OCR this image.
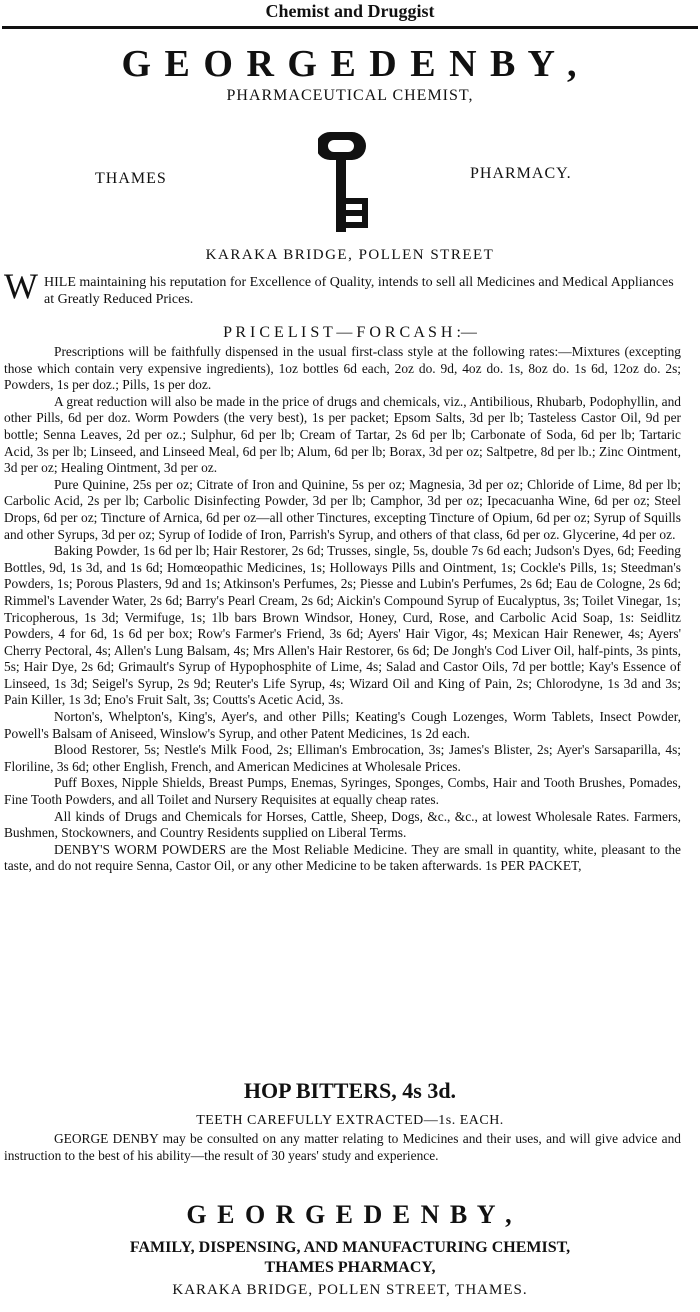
Chemist and Druggist
G E O R G E D E N B Y ,
PHARMACEUTICAL CHEMIST,
THAMES	PHARMACY.
KARAKA BRIDGE, POLLEN STREET
W HILE maintaining his reputation for Excellence of Quality, intends to sell all Medicines and Medical Appliances at Greatly Reduced Prices.
P R I C E L I S T — F O R C A S H :—

Prescriptions will be faithfully dispensed in the usual first-class style at the following rates:—Mixtures (excepting those which contain very expensive ingredients), 1oz bottles 6d each, 2oz do. 9d, 4oz do. 1s, 8oz do. 1s 6d, 12oz do. 2s; Powders, 1s per doz.; Pills, 1s per doz.

A great reduction will also be made in the price of drugs and chemicals, viz., Antibilious, Rhubarb, Podophyllin, and other Pills, 6d per doz. Worm Powders (the very best), 1s per packet; Epsom Salts, 3d per lb; Tasteless Castor Oil, 9d per bottle; Senna Leaves, 2d per oz.; Sulphur, 6d per lb; Cream of Tartar, 2s 6d per lb; Carbonate of Soda, 6d per lb; Tartaric Acid, 3s per lb; Linseed, and Linseed Meal, 6d per lb; Alum, 6d per lb; Borax, 3d per oz; Saltpetre, 8d per lb.; Zinc Ointment, 3d per oz; Healing Ointment, 3d per oz.

Pure Quinine, 25s per oz; Citrate of Iron and Quinine, 5s per oz; Magnesia, 3d per oz; Chloride of Lime, 8d per lb; Carbolic Acid, 2s per lb; Carbolic Disinfecting Powder, 3d per lb; Camphor, 3d per oz; Ipecacuanha Wine, 6d per oz; Steel Drops, 6d per oz; Tincture of Arnica, 6d per oz—all other Tinctures, excepting Tincture of Opium, 6d per oz; Syrup of Squills and other Syrups, 3d per oz; Syrup of Iodide of Iron, Parrish's Syrup, and others of that class, 6d per oz. Glycerine, 4d per oz.

Baking Powder, 1s 6d per lb; Hair Restorer, 2s 6d; Trusses, single, 5s, double 7s 6d each; Judson's Dyes, 6d; Feeding Bottles, 9d, 1s 3d, and 1s 6d; Homœopathic Medicines, 1s; Holloways Pills and Ointment, 1s; Cockle's Pills, 1s; Steedman's Powders, 1s; Porous Plasters, 9d and 1s; Atkinson's Perfumes, 2s; Piesse and Lubin's Perfumes, 2s 6d; Eau de Cologne, 2s 6d; Rimmel's Lavender Water, 2s 6d; Barry's Pearl Cream, 2s 6d; Aickin's Compound Syrup of Eucalyptus, 3s; Toilet Vinegar, 1s; Tricopherous, 1s 3d; Vermifuge, 1s; 1lb bars Brown Windsor, Honey, Curd, Rose, and Carbolic Acid Soap, 1s: Seidlitz Powders, 4 for 6d, 1s 6d per box; Row's Farmer's Friend, 3s 6d; Ayers' Hair Vigor, 4s; Mexican Hair Renewer, 4s; Ayers' Cherry Pectoral, 4s; Allen's Lung Balsam, 4s; Mrs Allen's Hair Restorer, 6s 6d; De Jongh's Cod Liver Oil, half-pints, 3s pints, 5s; Hair Dye, 2s 6d; Grimault's Syrup of Hypophosphite of Lime, 4s; Salad and Castor Oils, 7d per bottle; Kay's Essence of Linseed, 1s 3d; Seigel's Syrup, 2s 9d; Reuter's Life Syrup, 4s; Wizard Oil and King of Pain, 2s; Chlorodyne, 1s 3d and 3s; Pain Killer, 1s 3d; Eno's Fruit Salt, 3s; Coutts's Acetic Acid, 3s.

Norton's, Whelpton's, King's, Ayer's, and other Pills; Keating's Cough Lozenges, Worm Tablets, Insect Powder, Powell's Balsam of Aniseed, Winslow's Syrup, and other Patent Medicines, 1s 2d each.

Blood Restorer, 5s; Nestle's Milk Food, 2s; Elliman's Embrocation, 3s; James's Blister, 2s; Ayer's Sarsaparilla, 4s; Floriline, 3s 6d; other English, French, and American Medicines at Wholesale Prices.

Puff Boxes, Nipple Shields, Breast Pumps, Enemas, Syringes, Sponges, Combs, Hair and Tooth Brushes, Pomades, Fine Tooth Powders, and all Toilet and Nursery Requisites at equally cheap rates.

All kinds of Drugs and Chemicals for Horses, Cattle, Sheep, Dogs, &c., &c., at lowest Wholesale Rates. Farmers, Bushmen, Stockowners, and Country Residents supplied on Liberal Terms.

DENBY'S WORM POWDERS are the Most Reliable Medicine. They are small in quantity, white, pleasant to the taste, and do not require Senna, Castor Oil, or any other Medicine to be taken afterwards. 1s PER PACKET,

HOP BITTERS, 4s 3d.
TEETH CAREFULLY EXTRACTED—1s. EACH.

GEORGE DENBY may be consulted on any matter relating to Medicines and their uses, and will give advice and instruction to the best of his ability—the result of 30 years' study and experience.

G E O R G E D E N B Y ,
FAMILY, DISPENSING, AND MANUFACTURING CHEMIST,
THAMES PHARMACY,
KARAKA BRIDGE, POLLEN STREET, THAMES.
